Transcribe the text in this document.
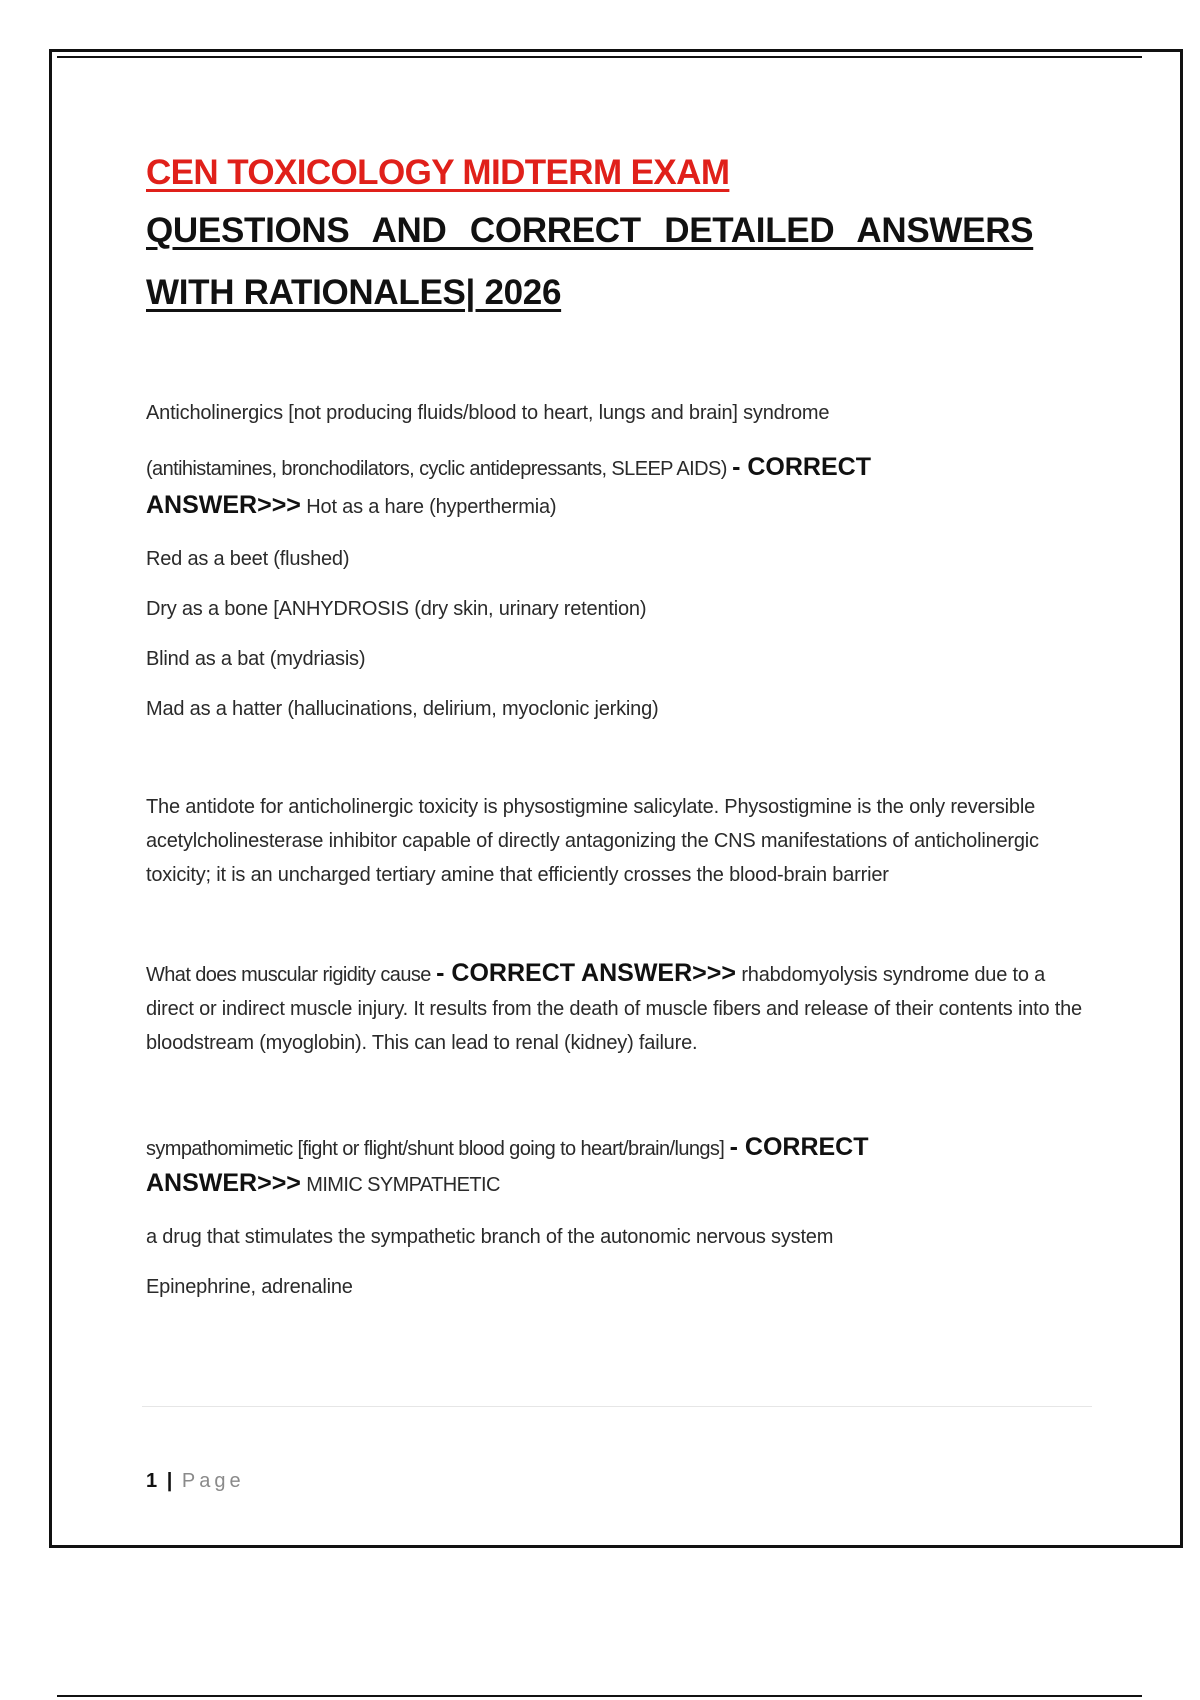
CEN TOXICOLOGY MIDTERM EXAM

QUESTIONS AND CORRECT DETAILED ANSWERS

WITH RATIONALES| 2026

Anticholinergics [not producing fluids/blood to heart, lungs and brain] syndrome

(antihistamines, bronchodilators, cyclic antidepressants, SLEEP AIDS) - CORRECT

ANSWER>>> Hot as a hare (hyperthermia)

Red as a beet (flushed)

Dry as a bone [ANHYDROSIS (dry skin, urinary retention)

Blind as a bat (mydriasis)

Mad as a hatter (hallucinations, delirium, myoclonic jerking)

The antidote for anticholinergic toxicity is physostigmine salicylate. Physostigmine is the only reversible acetylcholinesterase inhibitor capable of directly antagonizing the CNS manifestations of anticholinergic toxicity; it is an uncharged tertiary amine that efficiently crosses the blood-brain barrier

What does muscular rigidity cause - CORRECT ANSWER>>> rhabdomyolysis syndrome due to a direct or indirect muscle injury. It results from the death of muscle fibers and release of their contents into the bloodstream (myoglobin). This can lead to renal (kidney) failure.

sympathomimetic [fight or flight/shunt blood going to heart/brain/lungs] - CORRECT

ANSWER>>> MIMIC SYMPATHETIC

a drug that stimulates the sympathetic branch of the autonomic nervous system

Epinephrine, adrenaline

1 | Page
